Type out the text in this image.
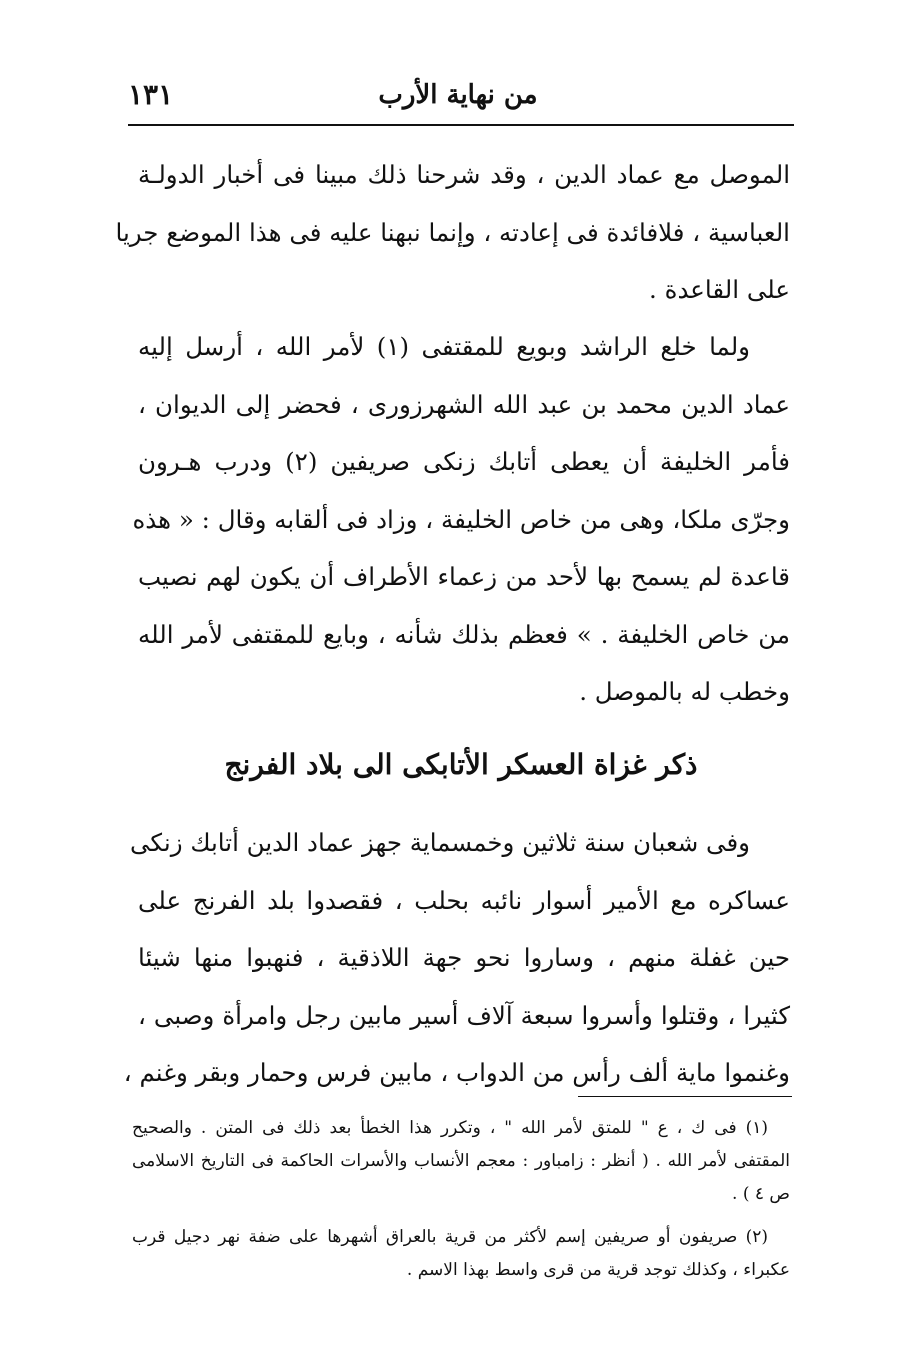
١٣١	من نهاية الأرب
الموصل مع عماد الدين ، وقد شرحنا ذلك مبينا فى أخبار الدولـة
العباسية ، فلافائدة فى إعادته ، وإنما نبهنا عليه فى هذا الموضع جريا
على القاعدة .
ولما خلع الراشد وبويع للمقتفى (١) لأمر الله ، أرسل إليه
عماد الدين محمد بن عبد الله الشهرزورى ، فحضر إلى الديوان ،
فأمر الخليفة أن يعطى أتابك زنكى صريفين (٢) ودرب هـرون
وجرّى ملكا، وهى من خاص الخليفة ، وزاد فى ألقابه وقال : « هذه
قاعدة لم يسمح بها لأحد من زعماء الأطراف أن يكون لهم نصيب
من خاص الخليفة . » فعظم بذلك شأنه ، وبايع للمقتفى لأمر الله
وخطب له بالموصل .
ذكر غزاة العسكر الأتابكى الى بلاد الفرنج
وفى شعبان سنة ثلاثين وخمسماية جهز عماد الدين أتابك زنكى
عساكره مع الأمير أسوار نائبه بحلب ، فقصدوا بلد الفرنج على
حين غفلة منهم ، وساروا نحو جهة اللاذقية ، فنهبوا منها شيئا
كثيرا ، وقتلوا وأسروا سبعة آلاف أسير مابين رجل وامرأة وصبى ،
وغنموا ماية ألف رأس من الدواب ، مابين فرس وحمار وبقر وغنم ،
(١) فى ك ، ع " للمتق لأمر الله " ، وتكرر هذا الخطأ بعد ذلك فى المتن . والصحيح
المقتفى لأمر الله . ( أنظر : زامباور : معجم الأنساب والأسرات الحاكمة فى التاريخ الاسلامى
ص ٤ ) .
(٢) صريفون أو صريفين إسم لأكثر من قرية بالعراق أشهرها على ضفة نهر دجيل قرب
عكبراء ، وكذلك توجد قرية من قرى واسط بهذا الاسم .
